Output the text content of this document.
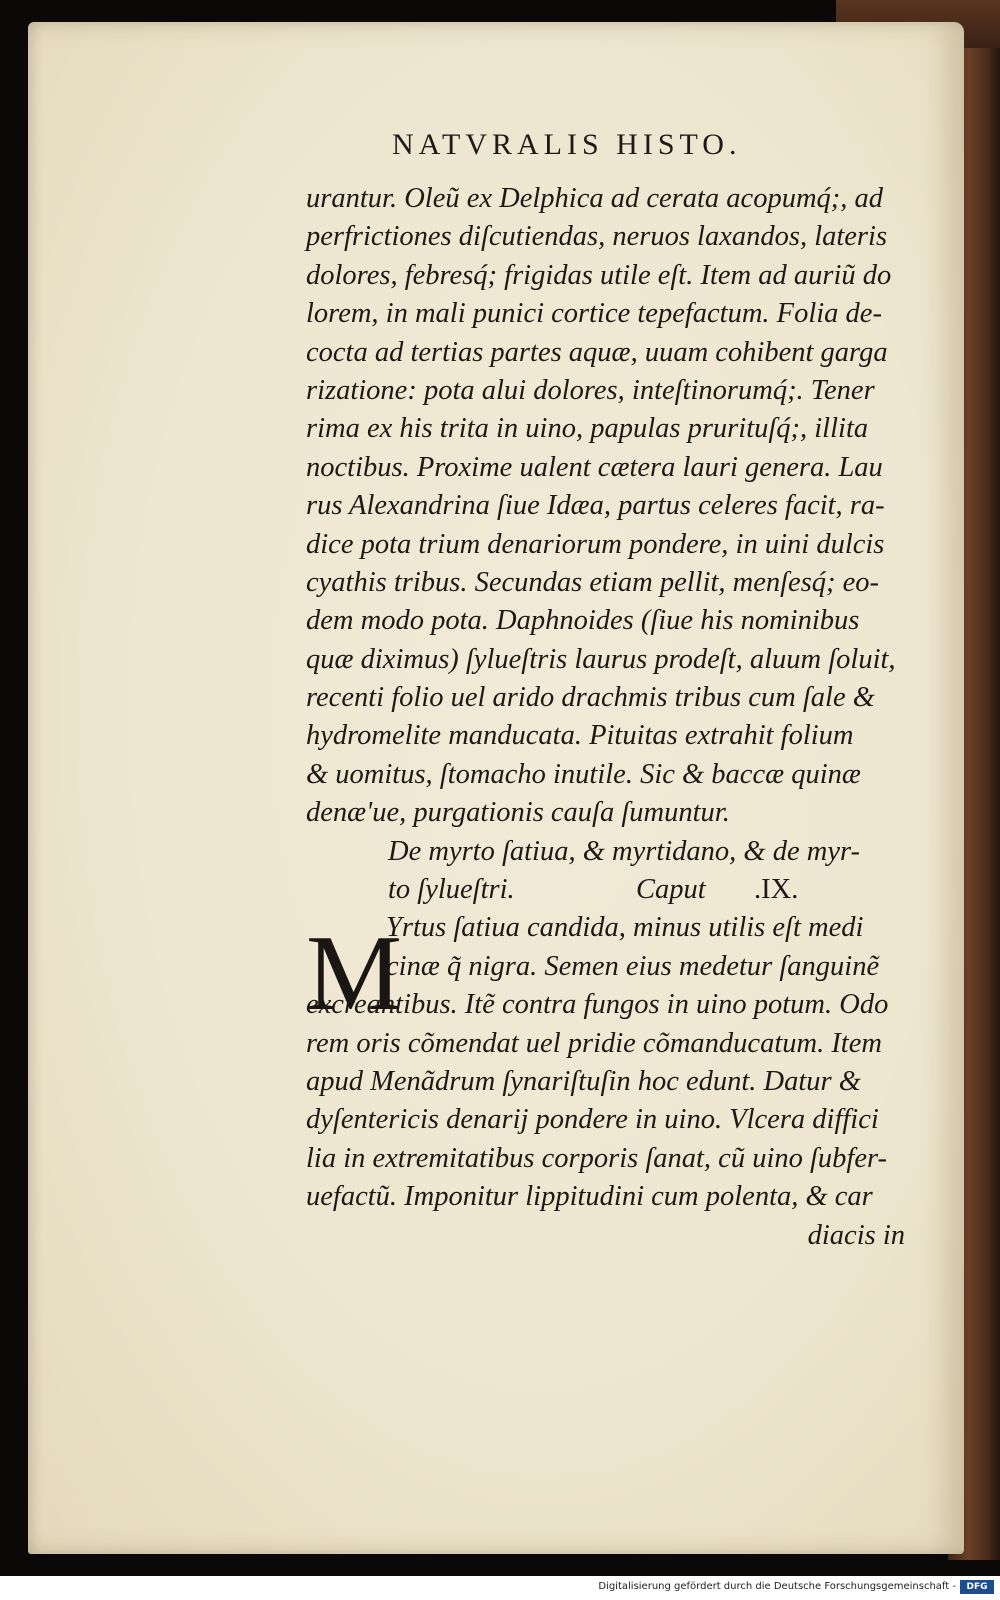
NATVRALIS HISTO.
urantur. Oleũ ex Delphica ad cerata acopumq́;, ad
perfrictiones diſcutiendas, neruos laxandos, lateris
dolores, febresq́; frigidas utile eſt. Item ad auriũ do
lorem, in mali punici cortice tepefactum. Folia de-
cocta ad tertias partes aquæ, uuam cohibent garga
rizatione: pota alui dolores, inteſtinorumq́;. Tener
rima ex his trita in uino, papulas prurituſq́;, illita
noctibus. Proxime ualent cætera lauri genera. Lau
rus Alexandrina ſiue Idæa, partus celeres facit, ra-
dice pota trium denariorum pondere, in uini dulcis
cyathis tribus. Secundas etiam pellit, menſesq́; eo-
dem modo pota. Daphnoides (ſiue his nominibus
quæ diximus) ſylueſtris laurus prodeſt, aluum ſoluit,
recenti folio uel arido drachmis tribus cum ſale &
hydromelite manducata. Pituitas extrahit folium
& uomitus, ſtomacho inutile. Sic & baccæ quinæ
denæ'ue, purgationis cauſa ſumuntur.
De myrto ſatiua, & myrtidano, & de myr-
to ſylueſtri.	Caput .IX.
Yrtus ſatiua candida, minus utilis eſt medi
cinæ q̃ nigra. Semen eius medetur ſanguinẽ
excreantibus. Itẽ contra fungos in uino potum. Odo
rem oris cõmendat uel pridie cõmanducatum. Item
apud Menãdrum ſynariſtuſin hoc edunt. Datur &
dyſentericis denarij pondere in uino. Vlcera diffici
lia in extremitatibus corporis ſanat, cũ uino ſubfer-
uefactũ. Imponitur lippitudini cum polenta, & car
diacis in
M
Digitalisierung gefördert durch die Deutsche Forschungsgemeinschaft -	DFG
